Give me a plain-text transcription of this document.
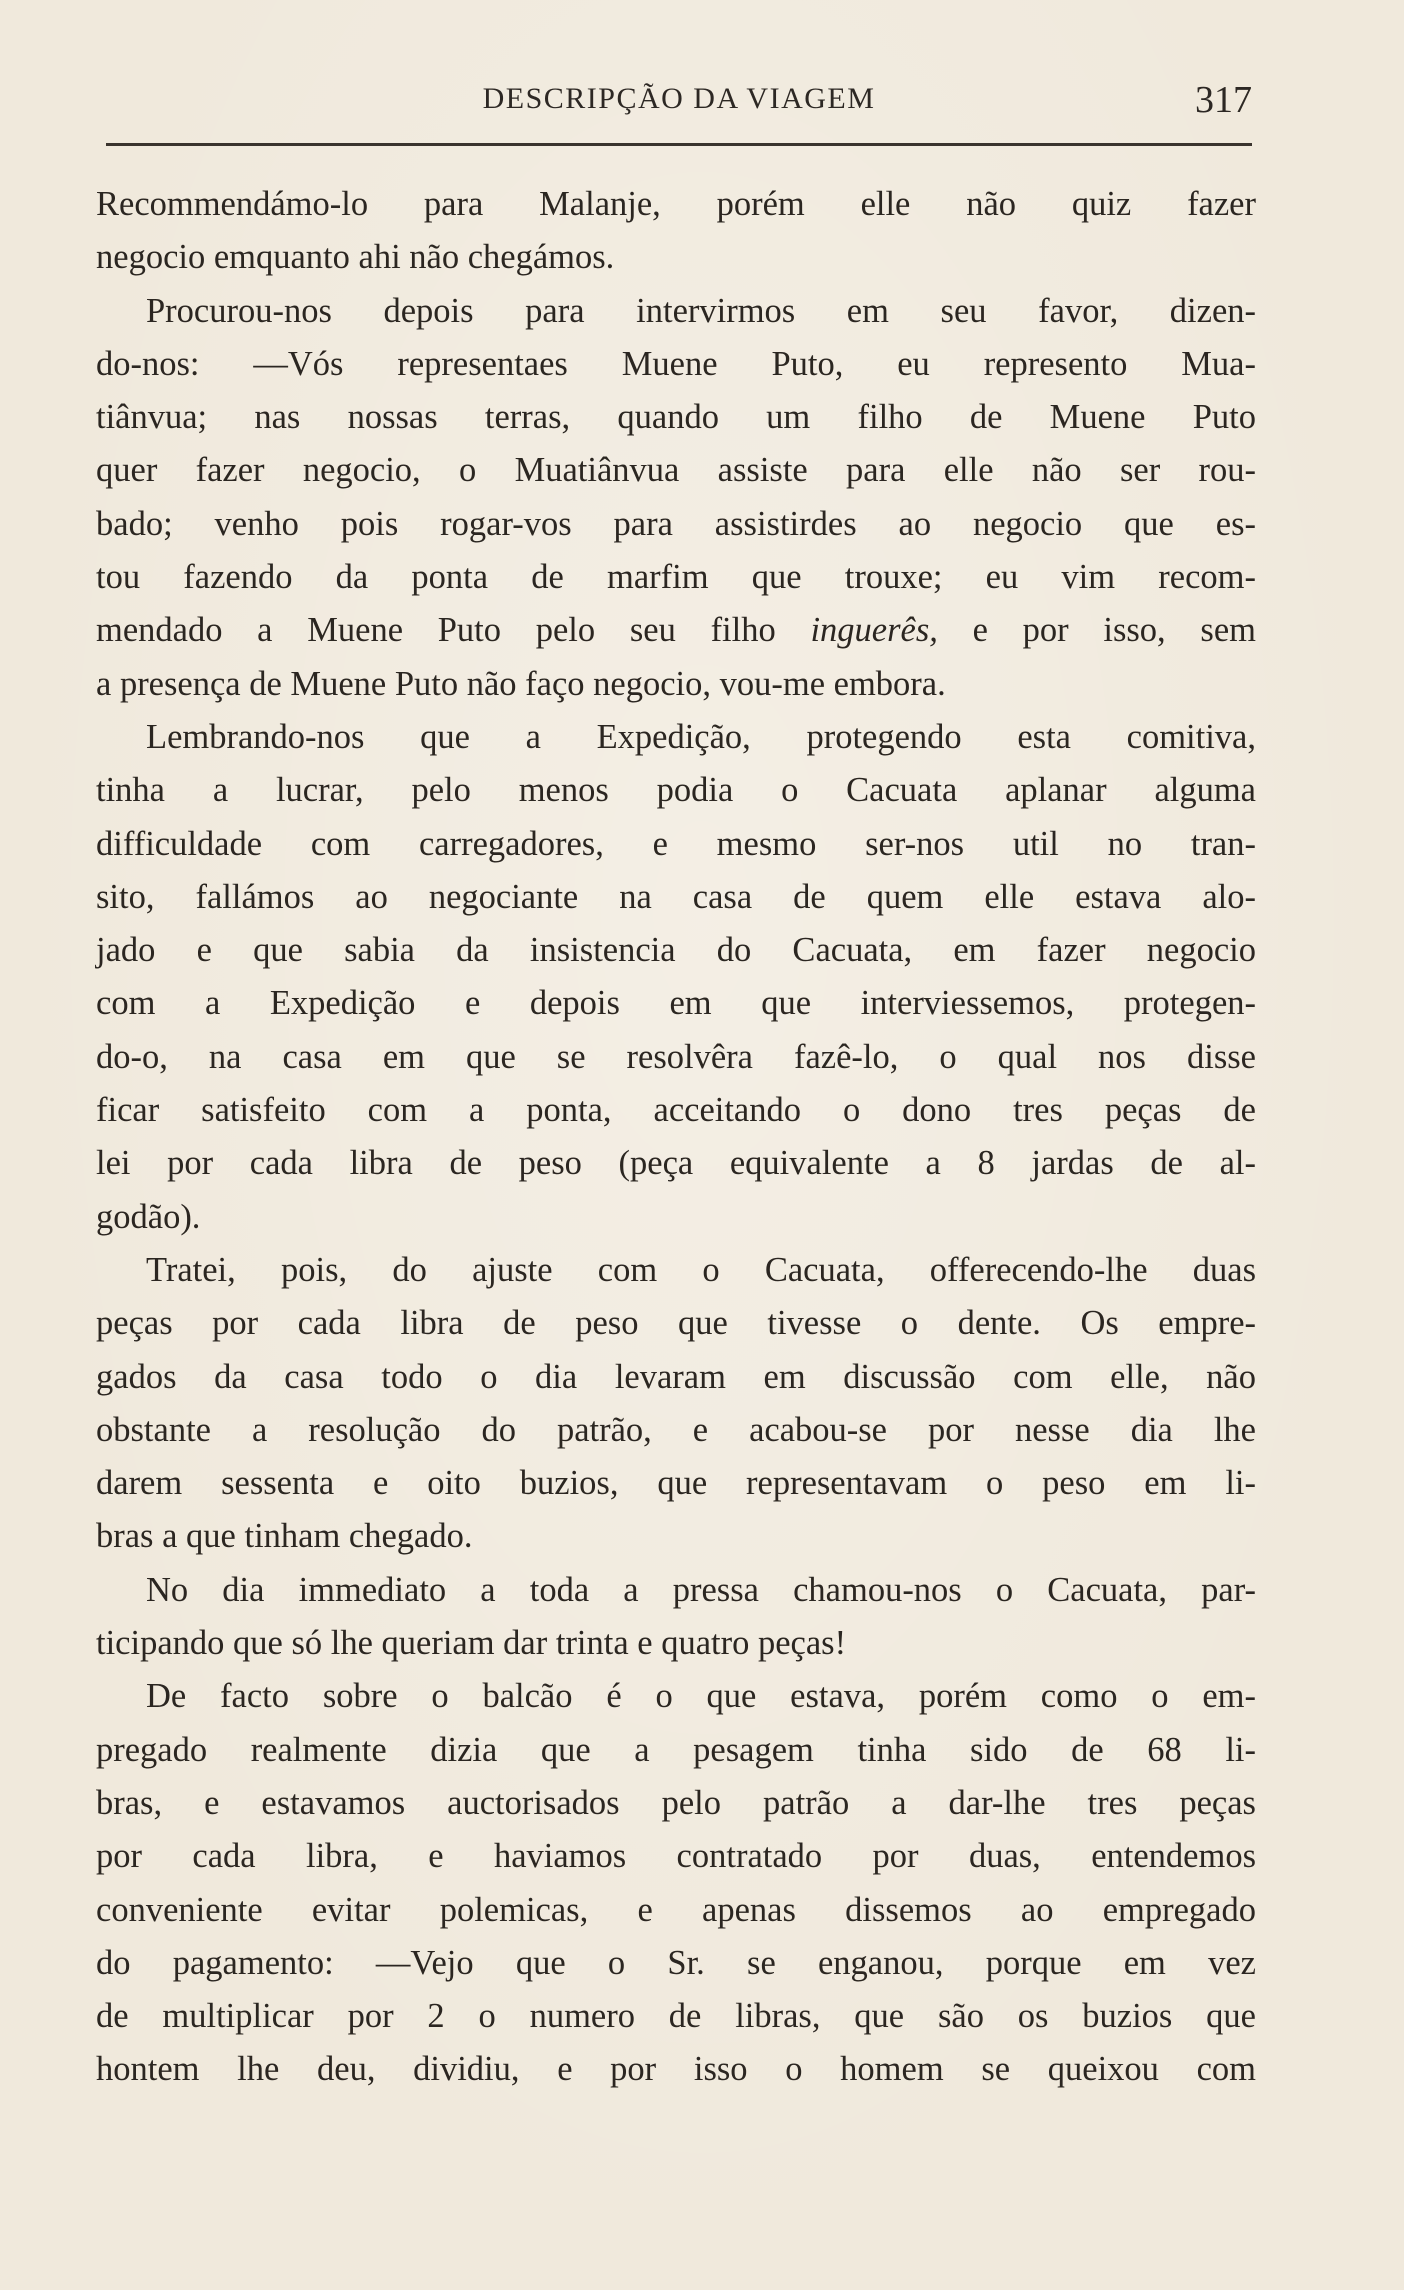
DESCRIPÇÃO DA VIAGEM	317
Recommendámo-lo para Malanje, porém elle não quiz fazer
negocio emquanto ahi não chegámos.
Procurou-nos depois para intervirmos em seu favor, dizen-
do-nos: —Vós representaes Muene Puto, eu represento Mua-
tiânvua; nas nossas terras, quando um filho de Muene Puto
quer fazer negocio, o Muatiânvua assiste para elle não ser rou-
bado; venho pois rogar-vos para assistirdes ao negocio que es-
tou fazendo da ponta de marfim que trouxe; eu vim recom-
mendado a Muene Puto pelo seu filho inguerês, e por isso, sem
a presença de Muene Puto não faço negocio, vou-me embora.
Lembrando-nos que a Expedição, protegendo esta comitiva,
tinha a lucrar, pelo menos podia o Cacuata aplanar alguma
difficuldade com carregadores, e mesmo ser-nos util no tran-
sito, fallámos ao negociante na casa de quem elle estava alo-
jado e que sabia da insistencia do Cacuata, em fazer negocio
com a Expedição e depois em que interviessemos, protegen-
do-o, na casa em que se resolvêra fazê-lo, o qual nos disse
ficar satisfeito com a ponta, acceitando o dono tres peças de
lei por cada libra de peso (peça equivalente a 8 jardas de al-
godão).
Tratei, pois, do ajuste com o Cacuata, offerecendo-lhe duas
peças por cada libra de peso que tivesse o dente. Os empre-
gados da casa todo o dia levaram em discussão com elle, não
obstante a resolução do patrão, e acabou-se por nesse dia lhe
darem sessenta e oito buzios, que representavam o peso em li-
bras a que tinham chegado.
No dia immediato a toda a pressa chamou-nos o Cacuata, par-
ticipando que só lhe queriam dar trinta e quatro peças!
De facto sobre o balcão é o que estava, porém como o em-
pregado realmente dizia que a pesagem tinha sido de 68 li-
bras, e estavamos auctorisados pelo patrão a dar-lhe tres peças
por cada libra, e haviamos contratado por duas, entendemos
conveniente evitar polemicas, e apenas dissemos ao empregado
do pagamento: —Vejo que o Sr. se enganou, porque em vez
de multiplicar por 2 o numero de libras, que são os buzios que
hontem lhe deu, dividiu, e por isso o homem se queixou com
